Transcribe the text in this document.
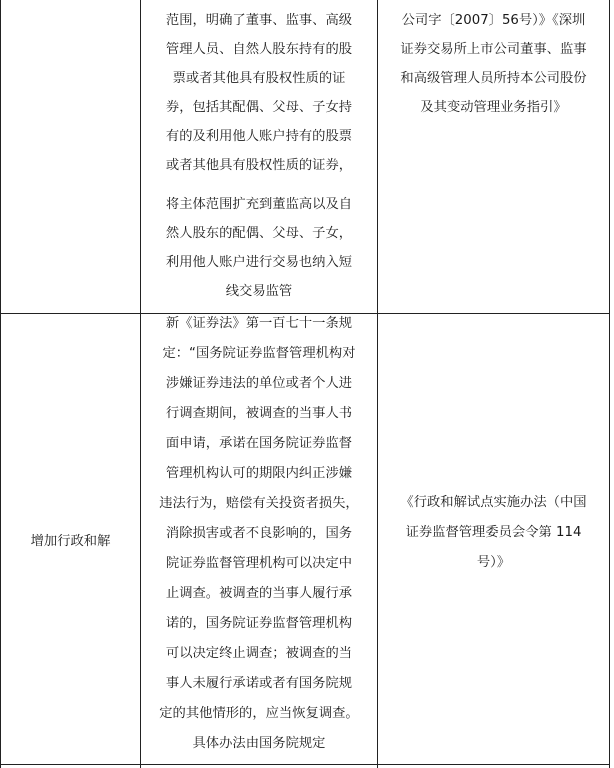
范围，明确了董事、监事、高级
管理人员、自然人股东持有的股
票或者其他具有股权性质的证
券，包括其配偶、父母、子女持
有的及利用他人账户持有的股票
或者其他具有股权性质的证券，
将主体范围扩充到董监高以及自
然人股东的配偶、父母、子女，
利用他人账户进行交易也纳入短
线交易监管
公司字〔2007〕56号）》《深圳
证券交易所上市公司董事、监事
和高级管理人员所持本公司股份
及其变动管理业务指引》
增加行政和解
新《证券法》第一百七十一条规
定：“国务院证券监督管理机构对
涉嫌证券违法的单位或者个人进
行调查期间，被调查的当事人书
面申请，承诺在国务院证券监督
管理机构认可的期限内纠正涉嫌
违法行为，赔偿有关投资者损失，
消除损害或者不良影响的，国务
院证券监督管理机构可以决定中
止调查。被调查的当事人履行承
诺的，国务院证券监督管理机构
可以决定终止调查；被调查的当
事人未履行承诺或者有国务院规
定的其他情形的，应当恢复调查。
具体办法由国务院规定
《行政和解试点实施办法（中国
证券监督管理委员会令第 114
号）》
